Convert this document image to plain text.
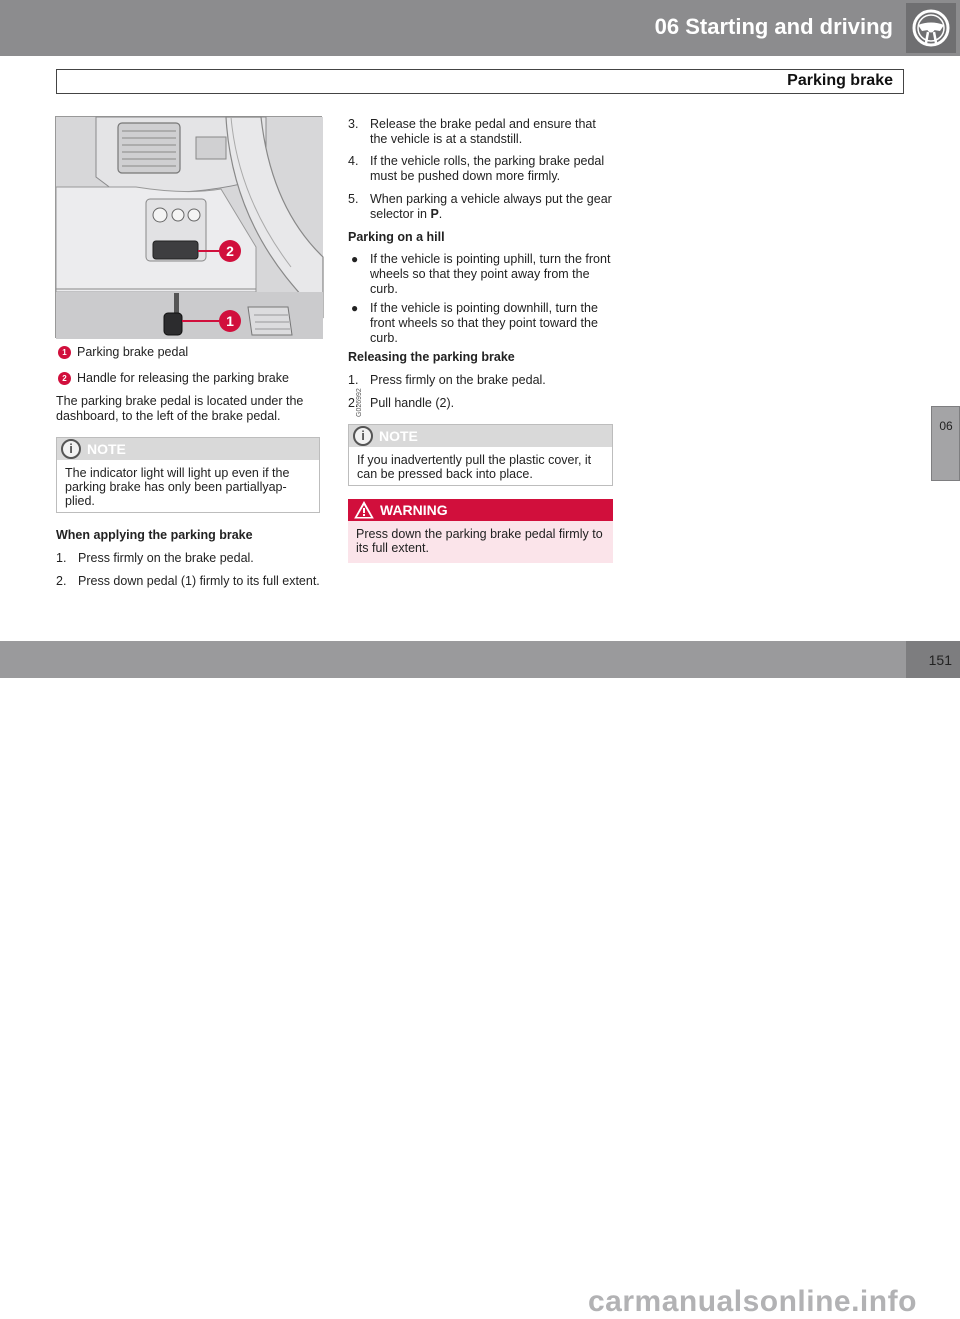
06 Starting and driving
Parking brake
06
2
1
G026992
1 Parking brake pedal
2 Handle for releasing the parking brake
The parking brake pedal is located under the dashboard, to the left of the brake pedal.
i	NOTE
The indicator light will light up even if the parking brake has only been partiallyap-plied.
When applying the parking brake
1. Press firmly on the brake pedal.
2. Press down pedal (1) firmly to its full extent.
3. Release the brake pedal and ensure that the vehicle is at a standstill.
4. If the vehicle rolls, the parking brake pedal must be pushed down more firmly.
5. When parking a vehicle always put the gear selector in P.
Parking on a hill
● If the vehicle is pointing uphill, turn the front wheels so that they point away from the curb.
● If the vehicle is pointing downhill, turn the front wheels so that they point toward the curb.
Releasing the parking brake
1. Press firmly on the brake pedal.
2. Pull handle (2).
i	NOTE
If you inadvertently pull the plastic cover, it can be pressed back into place.
WARNING
Press down the parking brake pedal firmly to its full extent.
carmanualsonline.info
151
